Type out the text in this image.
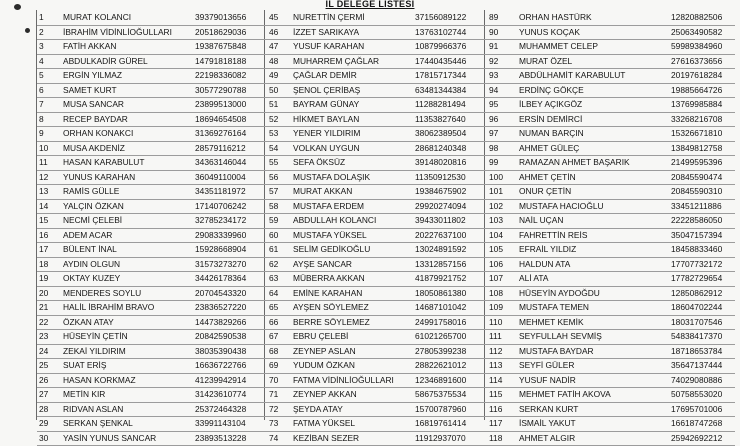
İL DELEGE LİSTESİ
1 MURAT KOLANCI	39379013656
2 İBRAHİM VİDİNLİOĞULLARI	20518629036
3 FATİH AKKAN	19387675848
4 ABDULKADİR GÜREL	14791818188
5 ERGİN YILMAZ	22198336082
6 SAMET KURT	30577290788
7 MUSA SANCAR	23899513000
8 RECEP BAYDAR	18694654508
9 ORHAN KONAKCI	31369276164
10 MUSA AKDENİZ	28579116212
11 HASAN KARABULUT	34363146044
12 YUNUS KARAHAN	36049110004
13 RAMİS GÜLLE	34351181972
14 YALÇIN ÖZKAN	17140706242
15 NECMİ ÇELEBİ	32785234172
16 ADEM ACAR	29083339960
17 BÜLENT İNAL	15928668904
18 AYDIN OLGUN	31573273270
19 OKTAY KUZEY	34426178364
20 MENDERES SOYLU	20704543320
21 HALİL İBRAHİM BRAVO	23836527220
22 ÖZKAN ATAY	14473829266
23 HÜSEYİN ÇETİN	20842590538
24 ZEKAİ YILDIRIM	38035390438
25 SUAT ERİŞ	16636722766
26 HASAN KORKMAZ	41239942914
27 METİN KIR	31423610774
28 RIDVAN ASLAN	25372464328
29 SERKAN ŞENKAL	33991143104
30 YASİN YUNUS SANCAR	23893513228
45 NURETTİN ÇERMİ	37156089122
46 İZZET SARIKAYA	13763102744
47 YUSUF KARAHAN	10879966376
48 MUHARREM ÇAĞLAR	17440435446
49 ÇAĞLAR DEMİR	17815717344
50 ŞENOL ÇERİBAŞ	63481344384
51 BAYRAM GÜNAY	11288281494
52 HİKMET BAYLAN	11353827640
53 YENER YILDIRIM	38062389504
54 VOLKAN UYGUN	28681240348
55 SEFA ÖKSÜZ	39148020816
56 MUSTAFA DOLAŞIK	11350912530
57 MURAT AKKAN	19384675902
58 MUSTAFA ERDEM	29920274094
59 ABDULLAH KOLANCI	39433011802
60 MUSTAFA YÜKSEL	20227637100
61 SELİM GEDİKOĞLU	13024891592
62 AYŞE SANCAR	13312857156
63 MÜBERRA AKKAN	41879921752
64 EMİNE KARAHAN	18050861380
65 AYŞEN SÖYLEMEZ	14687101042
66 BERRE SÖYLEMEZ	24991758016
67 EBRU ÇELEBİ	61021265700
68 ZEYNEP ASLAN	27805399238
69 YUDUM ÖZKAN	28822621012
70 FATMA VİDİNLİOĞULLARI	12346891600
71 ZEYNEP AKKAN	58675375534
72 ŞEYDA ATAY	15700787960
73 FATMA YÜKSEL	16819761414
74 KEZİBAN SEZER	11912937070
89 ORHAN HASTÜRK	12820882506
90 YUNUS KOÇAK	25063490582
91 MUHAMMET CELEP	59989384960
92 MURAT ÖZEL	27616373656
93 ABDÜLHAMİT KARABULUT	20197618284
94 ERDİNÇ GÖKÇE	19885664726
95 İLBEY AÇIKGÖZ	13769985884
96 ERSİN DEMİRCİ	33268216708
97 NUMAN BARÇIN	15326671810
98 AHMET GÜLEÇ	13849812758
99 RAMAZAN AHMET BAŞARIK	21499595396
100 AHMET ÇETİN	20845590474
101 ONUR ÇETİN	20845590310
102 MUSTAFA HACIOĞLU	33451211886
103 NAİL UÇAN	22228586050
104 FAHRETTİN REİS	35047157394
105 EFRAİL YILDIZ	18458833460
106 HALDUN ATA	17707732172
107 ALİ ATA	17782729654
108 HÜSEYİN AYDOĞDU	12850862912
109 MUSTAFA TEMEN	18604702244
110 MEHMET KEMİK	18031707546
111 SEYFULLAH SEVMİŞ	54838417370
112 MUSTAFA BAYDAR	18718653784
113 SEYFİ GÜLER	35647137444
114 YUSUF NADİR	74029080886
115 MEHMET FATİH AKOVA	50758553020
116 SERKAN KURT	17695701006
117 İSMAİL YAKUT	16618747268
118 AHMET ALGIR	25942692212
